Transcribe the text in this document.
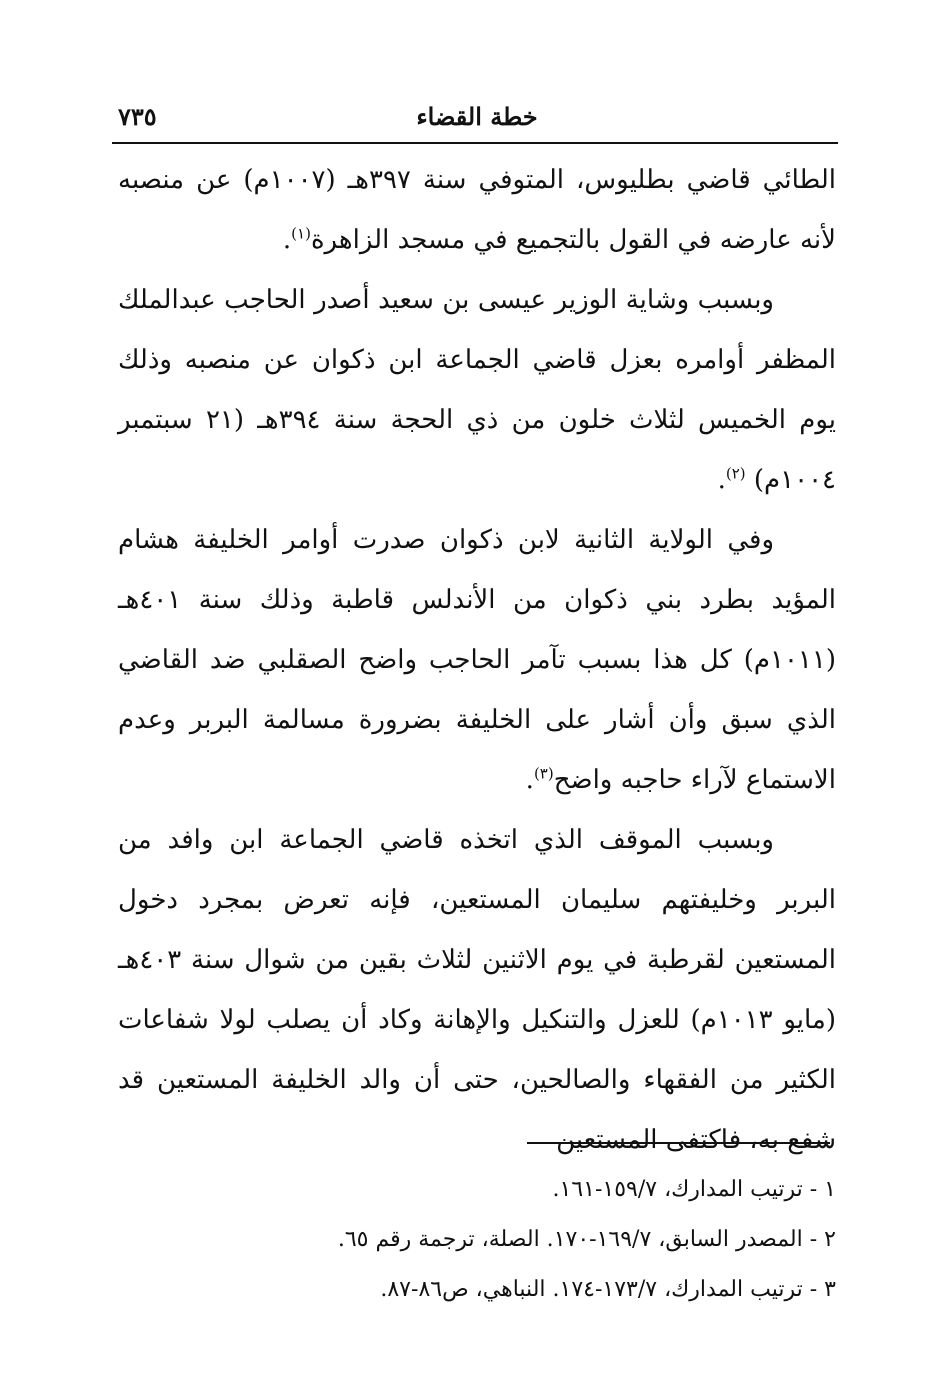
٧٣٥	خطة القضاء

الطائي قاضي بطليوس، المتوفي سنة ٣٩٧هـ (١٠٠٧م) عن منصبه لأنه عارضه في القول بالتجميع في مسجد الزاهرة$^{(١)}$.

وبسبب وشاية الوزير عيسى بن سعيد أصدر الحاجب عبدالملك المظفر أوامره بعزل قاضي الجماعة ابن ذكوان عن منصبه وذلك يوم الخميس لثلاث خلون من ذي الحجة سنة ٣٩٤هـ (٢١ سبتمبر ١٠٠٤م) $^{(٢)}$.

وفي الولاية الثانية لابن ذكوان صدرت أوامر الخليفة هشام المؤيد بطرد بني ذكوان من الأندلس قاطبة وذلك سنة ٤٠١هـ (١٠١١م) كل هذا بسبب تآمر الحاجب واضح الصقلبي ضد القاضي الذي سبق وأن أشار على الخليفة بضرورة مسالمة البربر وعدم الاستماع لآراء حاجبه واضح$^{(٣)}$.

وبسبب الموقف الذي اتخذه قاضي الجماعة ابن وافد من البربر وخليفتهم سليمان المستعين، فإنه تعرض بمجرد دخول المستعين لقرطبة في يوم الاثنين لثلاث بقين من شوال سنة ٤٠٣هـ (مايو ١٠١٣م) للعزل والتنكيل والإهانة وكاد أن يصلب لولا شفاعات الكثير من الفقهاء والصالحين، حتى أن والد الخليفة المستعين قد شفع به، فاكتفى المستعين

١ - ترتيب المدارك، ١٥٩/٧-١٦١.

٢ - المصدر السابق، ١٦٩/٧-١٧٠. الصلة، ترجمة رقم ٦٥.

٣ - ترتيب المدارك، ١٧٣/٧-١٧٤. النباهي، ص٨٦-٨٧.
